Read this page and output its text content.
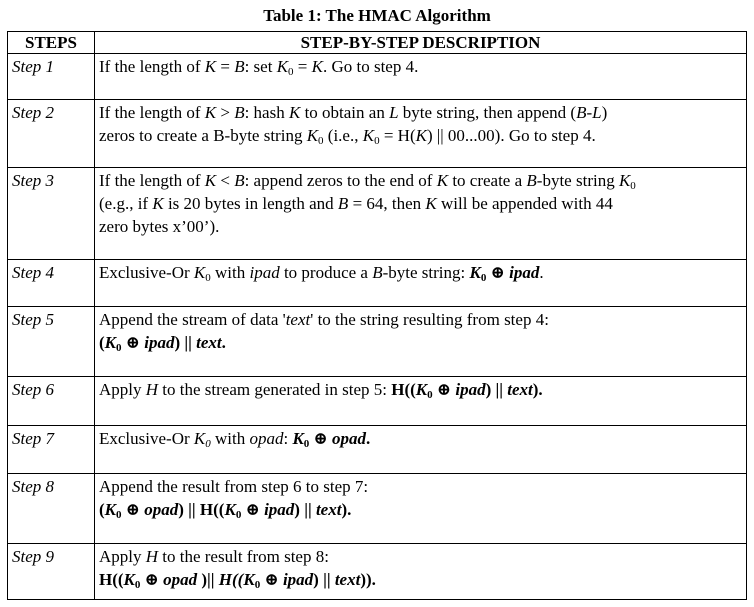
Table 1: The HMAC Algorithm
STEPS	STEP-BY-STEP DESCRIPTION
Step 1	If the length of K = B: set $K_0 = K$. Go to step 4.
Step 2	If the length of K > B: hash K to obtain an L byte string, then append (B-L)
zeros to create a B-byte string $K_0$ (i.e., $K_0 = H(K)$ || 00...00). Go to step 4.
Step 3	If the length of K < B: append zeros to the end of K to create a B-byte string $K_0$
(e.g., if K is 20 bytes in length and B = 64, then K will be appended with 44
zero bytes x’00’).
Step 4	Exclusive-Or $K_0$ with ipad to produce a B-byte string: $K_0$ ⊕ ipad.
Step 5	Append the stream of data 'text' to the string resulting from step 4:
($K_0$ ⊕ ipad) || text.
Step 6	Apply H to the stream generated in step 5: $H((K_0$ ⊕ ipad) || text).
Step 7	Exclusive-Or $K_0$ with opad: $K_0$ ⊕ opad.
Step 8	Append the result from step 6 to step 7:
($K_0$ ⊕ opad) || $H((K_0$ ⊕ ipad) || text).
Step 9	Apply H to the result from step 8:
$H((K_0$ ⊕ opad )|| $H((K_0$ ⊕ ipad) || text)).
